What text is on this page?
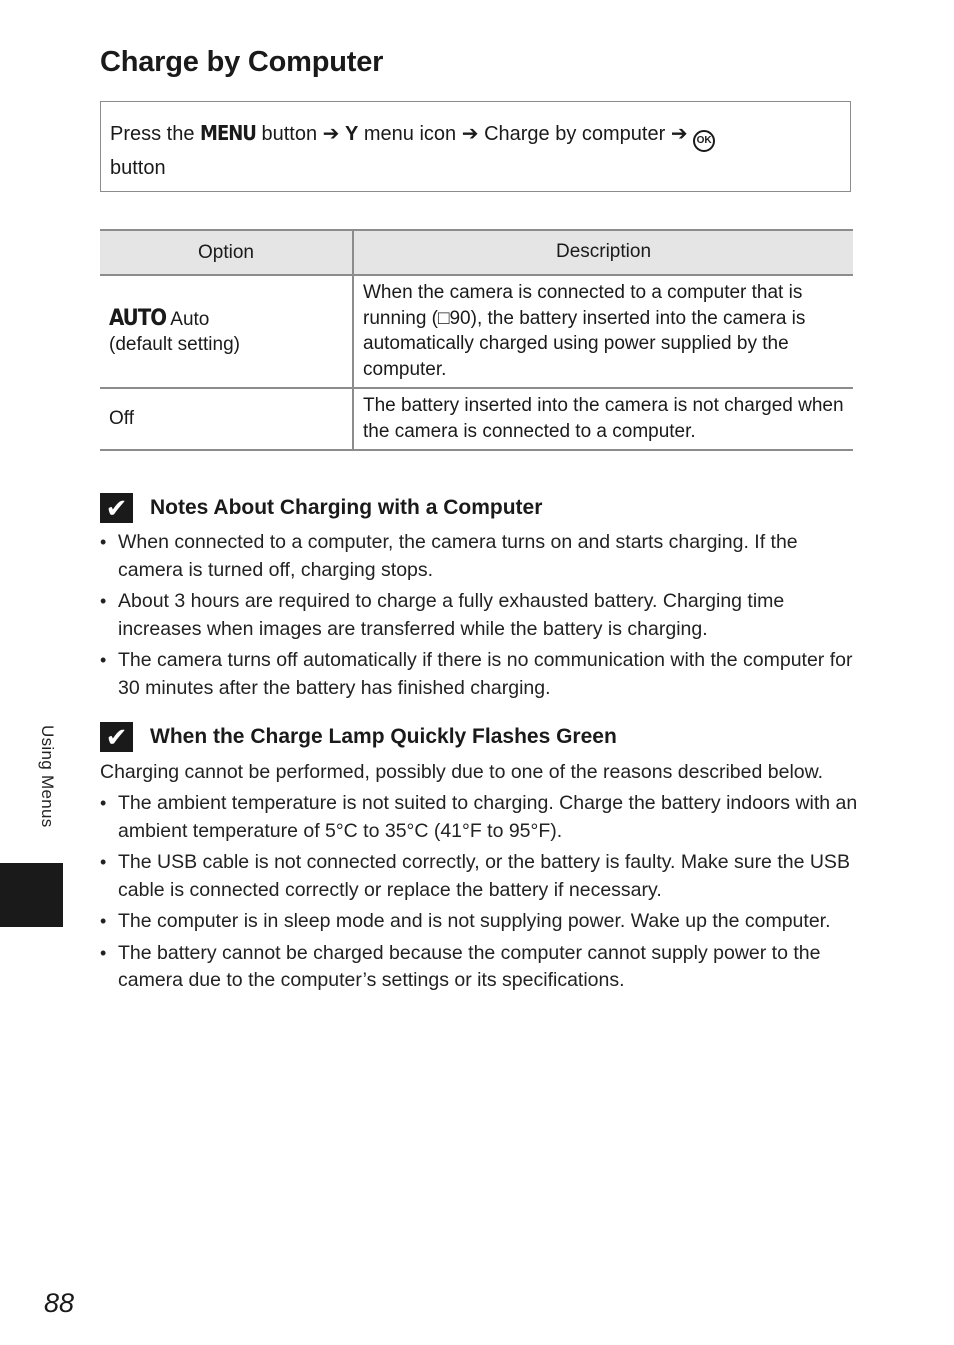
Charge by Computer
Press the MENU button ➔ Y menu icon ➔ Charge by computer ➔ OK
button
Option	Description
AUTO Auto
(default setting)	When the camera is connected to a computer that is running (□90), the battery inserted into the camera is automatically charged using power supplied by the computer.
Off	The battery inserted into the camera is not charged when the camera is connected to a computer.
✔ Notes About Charging with a Computer
• When connected to a computer, the camera turns on and starts charging. If the camera is turned off, charging stops.
• About 3 hours are required to charge a fully exhausted battery. Charging time increases when images are transferred while the battery is charging.
• The camera turns off automatically if there is no communication with the computer for 30 minutes after the battery has finished charging.
✔ When the Charge Lamp Quickly Flashes Green
Charging cannot be performed, possibly due to one of the reasons described below.
• The ambient temperature is not suited to charging. Charge the battery indoors with an ambient temperature of 5°C to 35°C (41°F to 95°F).
• The USB cable is not connected correctly, or the battery is faulty. Make sure the USB cable is connected correctly or replace the battery if necessary.
• The computer is in sleep mode and is not supplying power. Wake up the computer.
• The battery cannot be charged because the computer cannot supply power to the camera due to the computer’s settings or its specifications.
Using Menus
88
